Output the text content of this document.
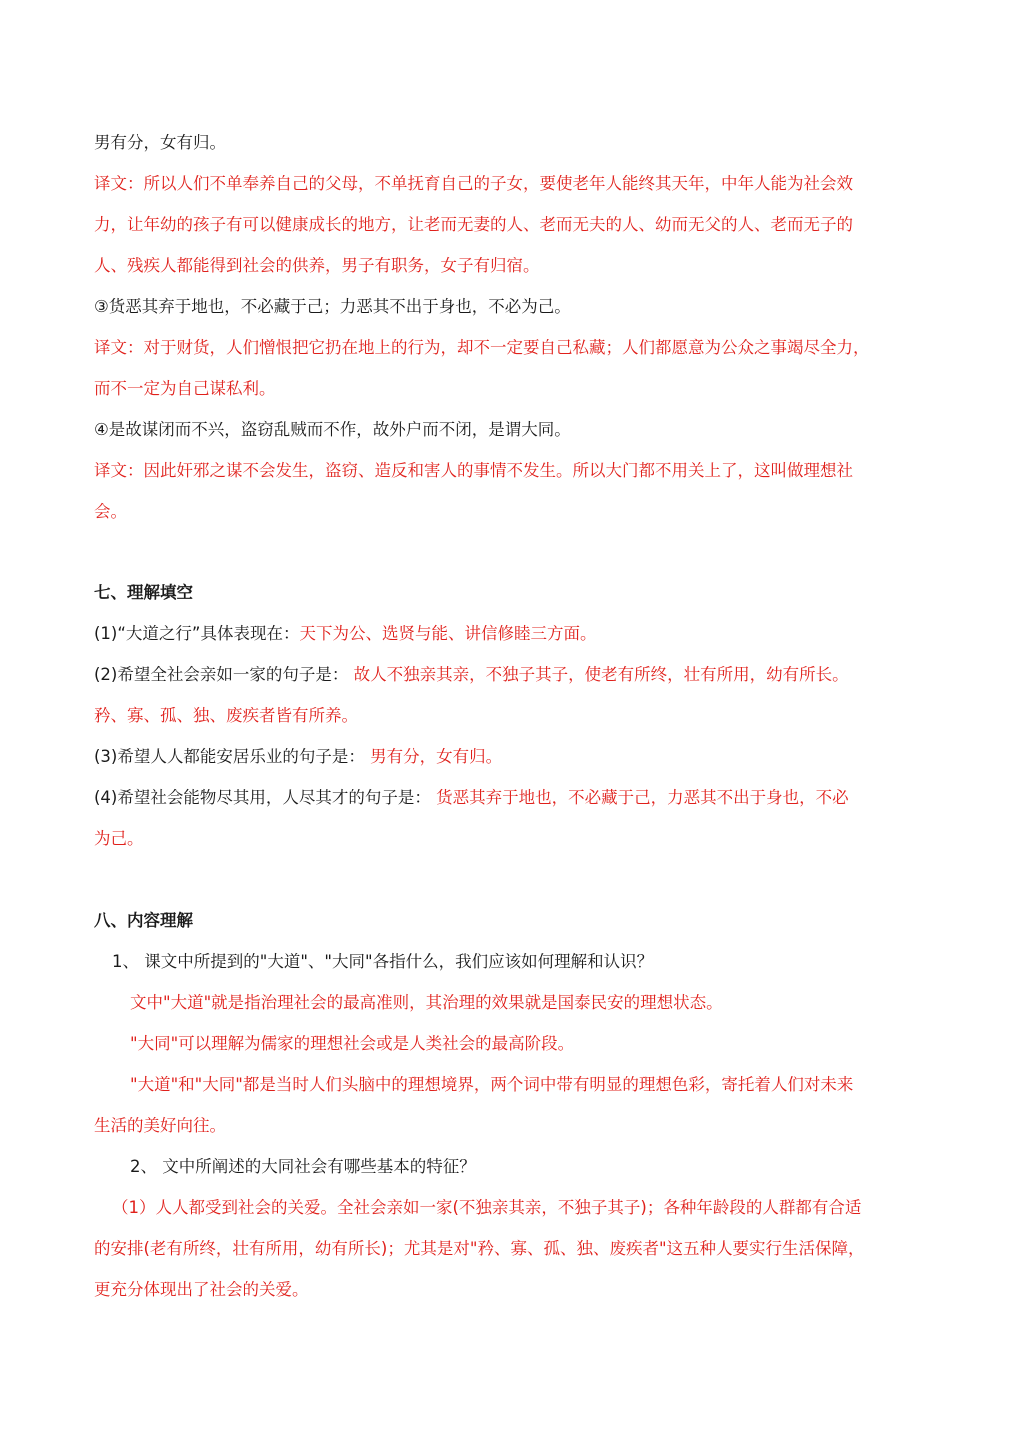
男有分，女有归。
译文：所以人们不单奉养自己的父母，不单抚育自己的子女，要使老年人能终其天年，中年人能为社会效
力，让年幼的孩子有可以健康成长的地方，让老而无妻的人、老而无夫的人、幼而无父的人、老而无子的
人、残疾人都能得到社会的供养，男子有职务，女子有归宿。
③货恶其弃于地也，不必藏于己；力恶其不出于身也，不必为己。
译文：对于财货，人们憎恨把它扔在地上的行为，却不一定要自己私藏；人们都愿意为公众之事竭尽全力，
而不一定为自己谋私利。
④是故谋闭而不兴，盗窃乱贼而不作，故外户而不闭，是谓大同。
译文：因此奸邪之谋不会发生，盗窃、造反和害人的事情不发生。所以大门都不用关上了，这叫做理想社
会。
七、理解填空
(1)“大道之行”具体表现在：天下为公、选贤与能、讲信修睦三方面。
(2)希望全社会亲如一家的句子是： 故人不独亲其亲，不独子其子，使老有所终，壮有所用，幼有所长。
矜、寡、孤、独、废疾者皆有所养。
(3)希望人人都能安居乐业的句子是： 男有分，女有归。
(4)希望社会能物尽其用，人尽其才的句子是： 货恶其弃于地也，不必藏于己，力恶其不出于身也，不必
为己。
八、内容理解
1、 课文中所提到的"大道"、"大同"各指什么，我们应该如何理解和认识？
文中"大道"就是指治理社会的最高准则，其治理的效果就是国泰民安的理想状态。
"大同"可以理解为儒家的理想社会或是人类社会的最高阶段。
"大道"和"大同"都是当时人们头脑中的理想境界，两个词中带有明显的理想色彩，寄托着人们对未来
生活的美好向往。
2、 文中所阐述的大同社会有哪些基本的特征？
（1）人人都受到社会的关爱。全社会亲如一家(不独亲其亲，不独子其子)；各种年龄段的人群都有合适
的安排(老有所终，壮有所用，幼有所长)；尤其是对"矜、寡、孤、独、废疾者"这五种人要实行生活保障，
更充分体现出了社会的关爱。
